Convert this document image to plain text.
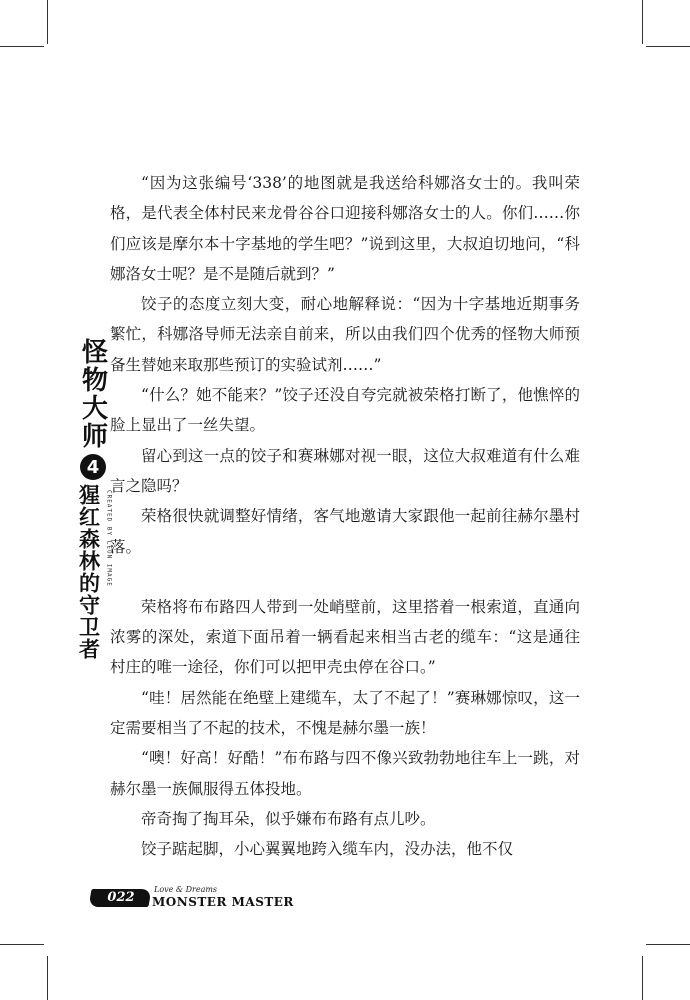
怪物大师
4
猩红森林的守卫者 CREATED BY LEON IMAGE

“因为这张编号‘338’的地图就是我送给科娜洛女士的。我叫荣格，是代表全体村民来龙骨谷谷口迎接科娜洛女士的人。你们……你们应该是摩尔本十字基地的学生吧？”说到这里，大叔迫切地问，“科娜洛女士呢？是不是随后就到？”

饺子的态度立刻大变，耐心地解释说：“因为十字基地近期事务繁忙，科娜洛导师无法亲自前来，所以由我们四个优秀的怪物大师预备生替她来取那些预订的实验试剂……”

“什么？她不能来？”饺子还没自夸完就被荣格打断了，他憔悴的脸上显出了一丝失望。

留心到这一点的饺子和赛琳娜对视一眼，这位大叔难道有什么难言之隐吗？

荣格很快就调整好情绪，客气地邀请大家跟他一起前往赫尔墨村落。

荣格将布布路四人带到一处峭壁前，这里搭着一根索道，直通向浓雾的深处，索道下面吊着一辆看起来相当古老的缆车：“这是通往村庄的唯一途径，你们可以把甲壳虫停在谷口。”

“哇！居然能在绝壁上建缆车，太了不起了！”赛琳娜惊叹，这一定需要相当了不起的技术，不愧是赫尔墨一族！

“噢！好高！好酷！”布布路与四不像兴致勃勃地往车上一跳，对赫尔墨一族佩服得五体投地。

帝奇掏了掏耳朵，似乎嫌布布路有点儿吵。

饺子踮起脚，小心翼翼地跨入缆车内，没办法，他不仅

022
Love & Dreams
MONSTER MASTER
